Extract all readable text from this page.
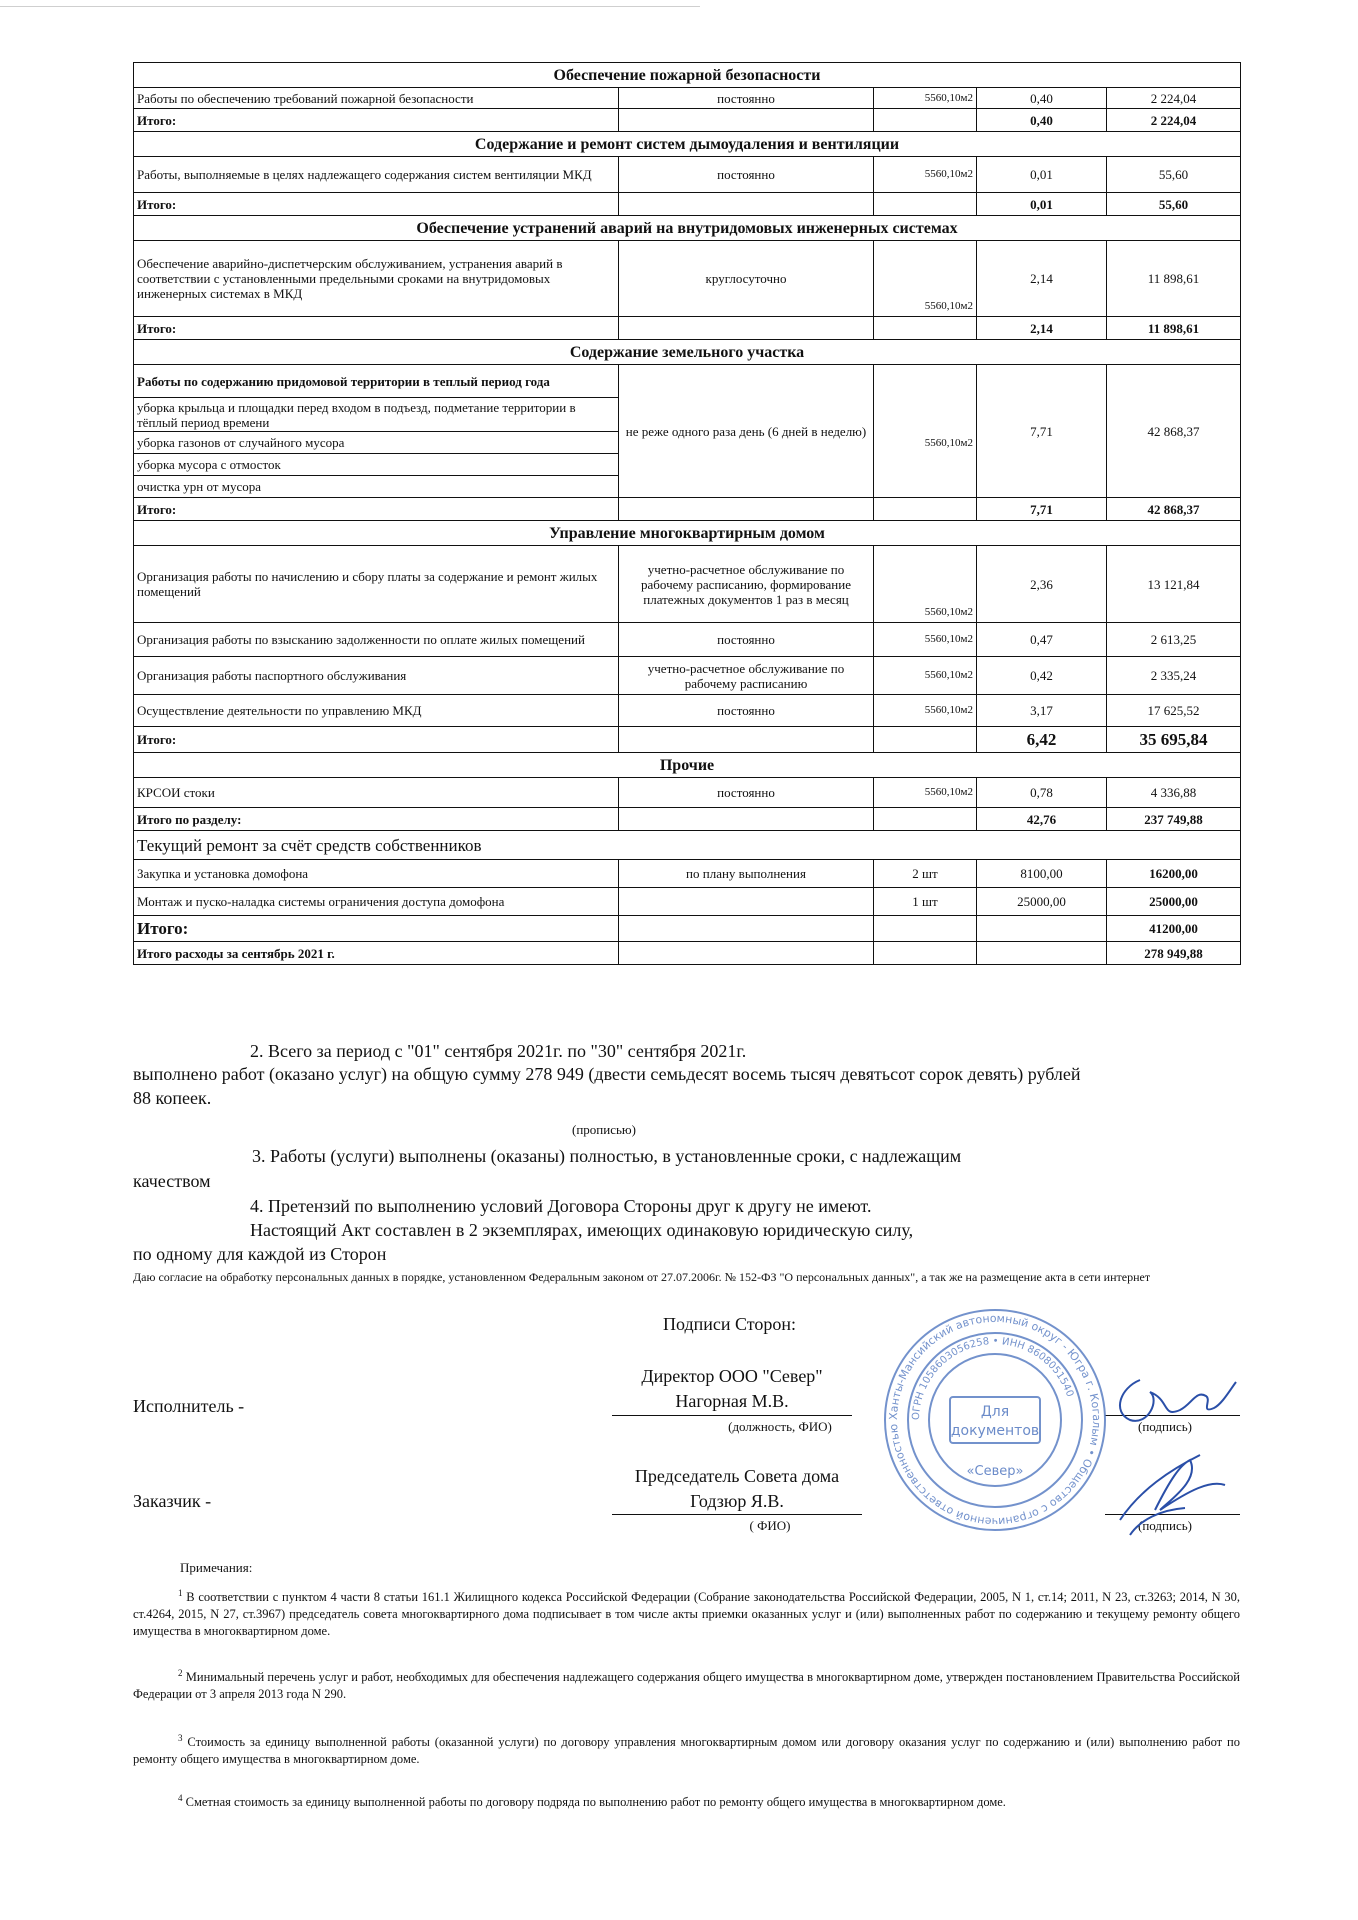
Обеспечение пожарной безопасности				
Работы по обеспечению требований пожарной безопасности	постоянно	5560,10м2	0,40	2 224,04
Итого:			0,40	2 224,04
Содержание и ремонт систем дымоудаления и вентиляции				
Работы, выполняемые в целях надлежащего содержания систем вентиляции МКД	постоянно	5560,10м2	0,01	55,60
Итого:			0,01	55,60
Обеспечение устранений аварий на внутридомовых инженерных системах				
Обеспечение аварийно-диспетчерским обслуживанием, устранения аварий в соответствии с установленными предельными сроками на внутридомовых инженерных системах в МКД	круглосуточно	5560,10м2	2,14	11 898,61
Итого:			2,14	11 898,61
Содержание земельного участка				
Работы по содержанию придомовой территории в теплый период года	не реже одного раза день (6 дней в неделю)	5560,10м2	7,71	42 868,37
уборка крыльца и площадки перед входом в подъезд, подметание территории в тёплый период времени				
уборка газонов от случайного мусора				
уборка мусора с отмосток				
очистка урн от мусора				
Итого:			7,71	42 868,37
Управление многоквартирным домом				
Организация работы по начислению и сбору платы за содержание и ремонт жилых помещений	учетно-расчетное обслуживание по рабочему расписанию, формирование платежных документов 1 раз в месяц	5560,10м2	2,36	13 121,84
Организация работы по взысканию задолженности по оплате жилых помещений	постоянно	5560,10м2	0,47	2 613,25
Организация работы паспортного обслуживания	учетно-расчетное обслуживание по рабочему расписанию	5560,10м2	0,42	2 335,24
Осуществление деятельности по управлению МКД	постоянно	5560,10м2	3,17	17 625,52
Итого:			6,42	35 695,84
Прочие				
КРСОИ стоки	постоянно	5560,10м2	0,78	4 336,88
Итого по разделу:			42,76	237 749,88
Текущий ремонт за счёт средств собственников				
Закупка и установка домофона	по плану выполнения	2 шт	8100,00	16200,00
Монтаж и пуско-наладка системы ограничения доступа домофона		1 шт	25000,00	25000,00
Итого:				41200,00
Итого расходы за сентябрь 2021 г.				278 949,88
2. Всего за период с "01" сентября 2021г. по "30" сентября 2021г.
выполнено работ (оказано услуг) на общую сумму 278 949 (двести семьдесят восемь тысяч девятьсот сорок девять) рублей
88 копеек.
(прописью)
3. Работы (услуги) выполнены (оказаны) полностью, в установленные сроки, с надлежащим
качеством
4. Претензий по выполнению условий Договора Стороны друг к другу не имеют.
Настоящий Акт составлен в 2 экземплярах, имеющих одинаковую юридическую силу,
по одному для каждой из Сторон
Даю согласие на обработку персональных данных в порядке, установленном Федеральным законом от 27.07.2006г. № 152-ФЗ "О персональных данных", а так же на размещение акта в сети интернет
Подписи Сторон:
Исполнитель -
Директор ООО "Север"
Нагорная М.В.
(должность, ФИО)	(подпись)
Заказчик -
Председатель Совета дома
Годзюр Я.В.
( ФИО)	(подпись)
Ханты-Мансийский автономный округ - Югра г. Когалым • Общество с ограниченной ответственностью
ОГРН 1058603056258 • ИНН 8608051540
Для
документов
«Север»
Примечания:
$^1$ В соответствии с пунктом 4 части 8 статьи 161.1 Жилищного кодекса Российской Федерации (Собрание законодательства Российской Федерации, 2005, N 1, ст.14; 2011, N 23, ст.3263; 2014, N 30, ст.4264, 2015, N 27, ст.3967) председатель совета многоквартирного дома подписывает в том числе акты приемки оказанных услуг и (или) выполненных работ по содержанию и текущему ремонту общего имущества в многоквартирном доме.
$^2$ Минимальный перечень услуг и работ, необходимых для обеспечения надлежащего содержания общего имущества в многоквартирном доме, утвержден постановлением Правительства Российской Федерации от 3 апреля 2013 года N 290.
$^3$ Стоимость за единицу выполненной работы (оказанной услуги) по договору управления многоквартирным домом или договору оказания услуг по содержанию и (или) выполнению работ по ремонту общего имущества в многоквартирном доме.
$^4$ Сметная стоимость за единицу выполненной работы по договору подряда по выполнению работ по ремонту общего имущества в многоквартирном доме.
